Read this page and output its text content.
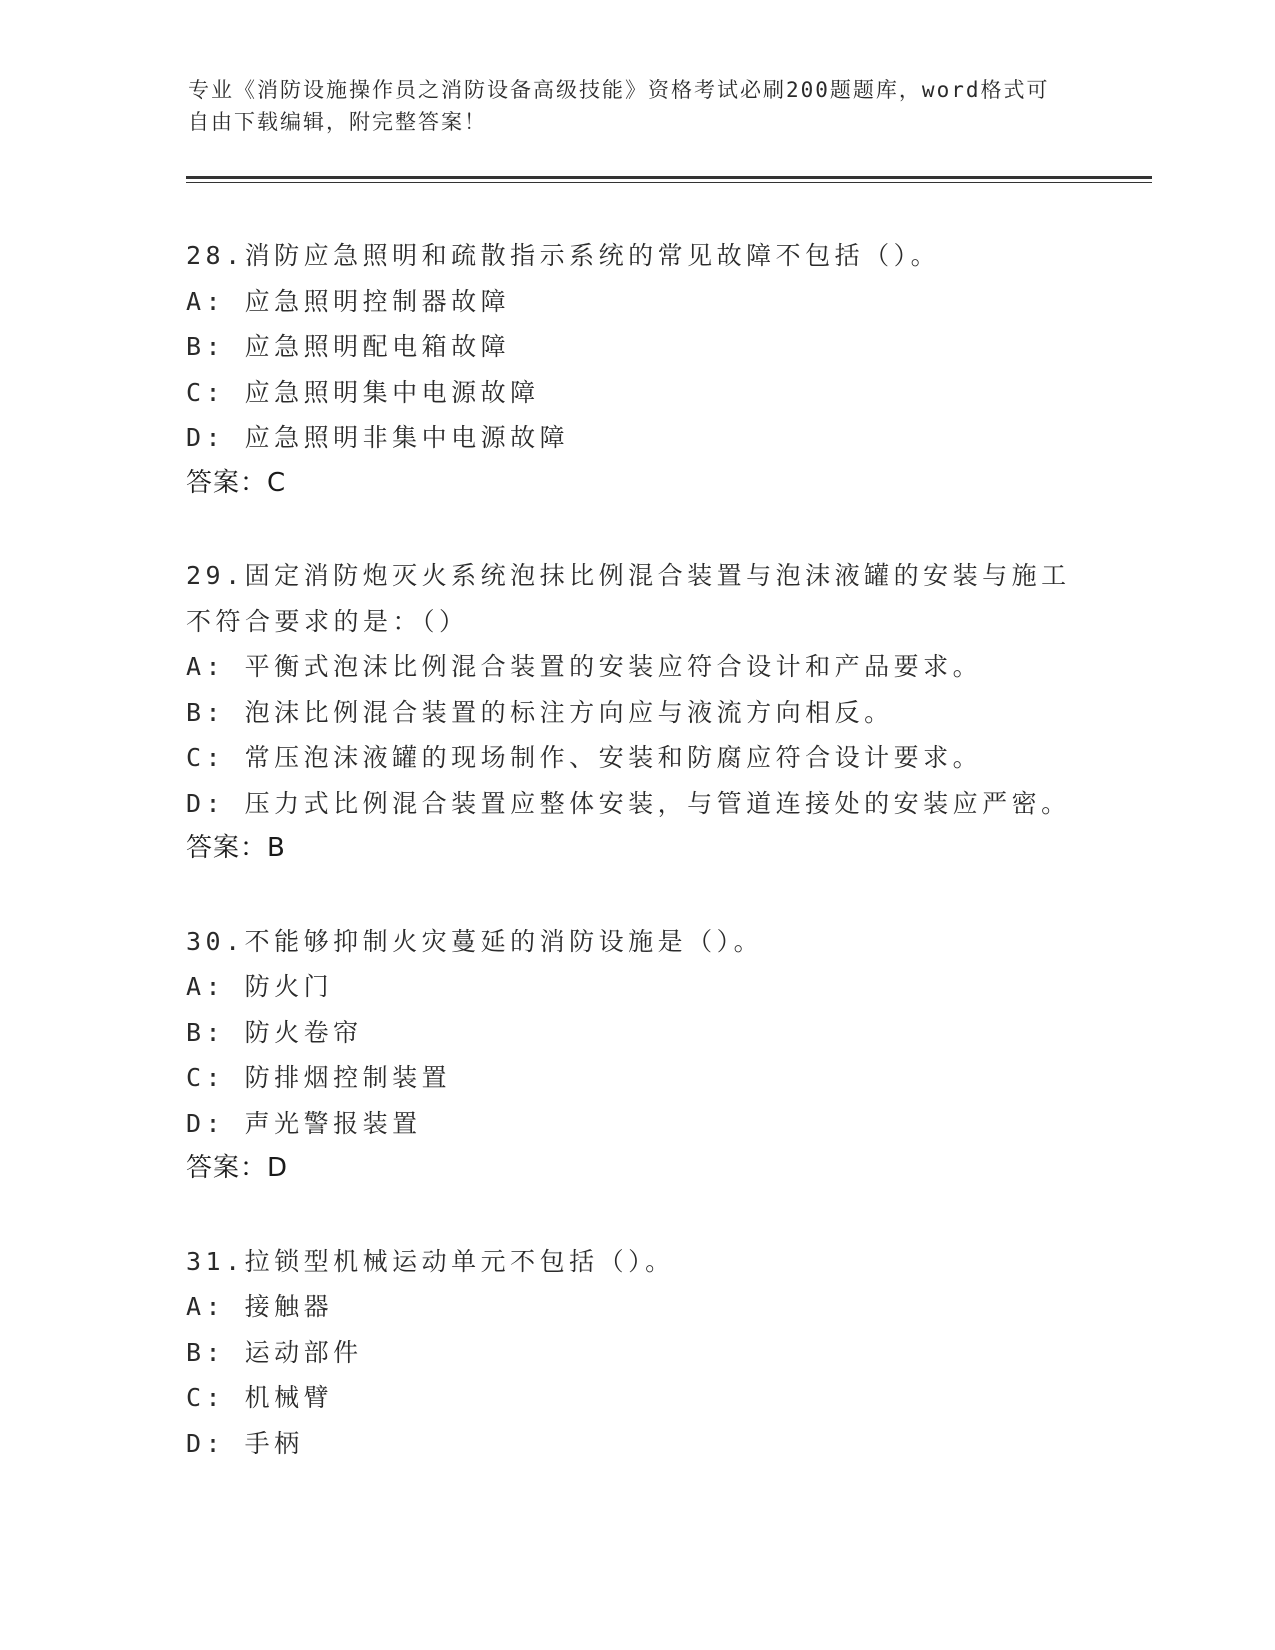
专业《消防设施操作员之消防设备高级技能》资格考试必刷200题题库，word格式可自由下载编辑，附完整答案！
28.消防应急照明和疏散指示系统的常见故障不包括（）。
A: 应急照明控制器故障
B: 应急照明配电箱故障
C: 应急照明集中电源故障
D: 应急照明非集中电源故障
答案：C
29.固定消防炮灭火系统泡抹比例混合装置与泡沫液罐的安装与施工不符合要求的是：（）
A: 平衡式泡沫比例混合装置的安装应符合设计和产品要求。
B: 泡沫比例混合装置的标注方向应与液流方向相反。
C: 常压泡沫液罐的现场制作、安装和防腐应符合设计要求。
D: 压力式比例混合装置应整体安装，与管道连接处的安装应严密。
答案：B
30.不能够抑制火灾蔓延的消防设施是（）。
A: 防火门
B: 防火卷帘
C: 防排烟控制装置
D: 声光警报装置
答案：D
31.拉锁型机械运动单元不包括（）。
A: 接触器
B: 运动部件
C: 机械臂
D: 手柄
